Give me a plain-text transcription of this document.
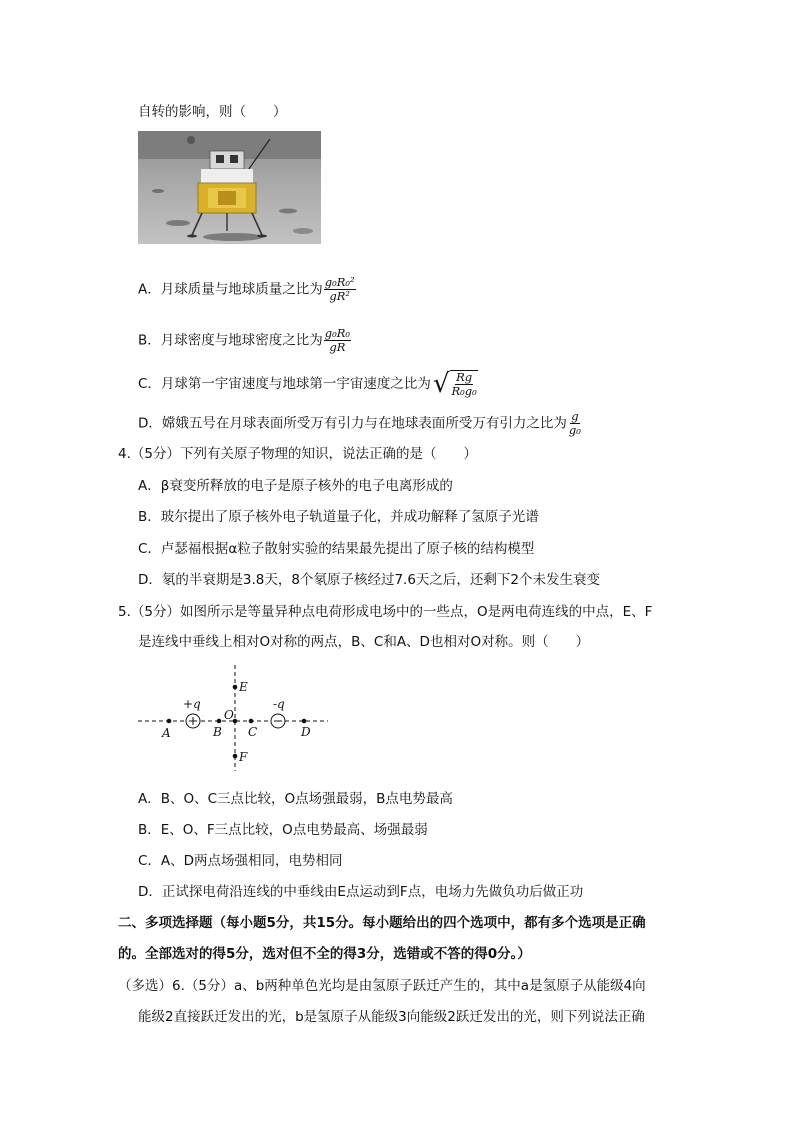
自转的影响，则（　　）
A．月球质量与地球质量之比为 $\frac{\text{g₀R₀²}}{\text{gR²}}$
B．月球密度与地球密度之比为 $\frac{\text{g₀R₀}}{gR}$
C．月球第一宇宙速度与地球第一宇宙速度之比为 √ $\frac{Rg}{\text{R₀g₀}}$
D．嫦娥五号在月球表面所受万有引力与在地球表面所受万有引力之比为 $\frac{g}{\text{g₀}}$
4.（5分）下列有关原子物理的知识，说法正确的是（　　）
A．β衰变所释放的电子是原子核外的电子电离形成的
B．玻尔提出了原子核外电子轨道量子化，并成功解释了氢原子光谱
C．卢瑟福根据α粒子散射实验的结果最先提出了原子核的结构模型
D．氡的半衰期是3.8天，8个氡原子核经过7.6天之后，还剩下2个未发生衰变
5.（5分）如图所示是等量异种点电荷形成电场中的一些点，O是两电荷连线的中点，E、F
是连线中垂线上相对O对称的两点，B、C和A、D也相对O对称。则（　　）
+q	-q
A	B
O
C	D
E
F
A．B、O、C三点比较，O点场强最弱，B点电势最高
B．E、O、F三点比较，O点电势最高、场强最弱
C．A、D两点场强相同，电势相同
D．正试探电荷沿连线的中垂线由E点运动到F点，电场力先做负功后做正功
二、多项选择题（每小题5分，共15分。每小题给出的四个选项中，都有多个选项是正确
的。全部选对的得5分，选对但不全的得3分，选错或不答的得0分。）
（多选）6.（5分）a、b两种单色光均是由氢原子跃迁产生的，其中a是氢原子从能级4向
能级2直接跃迁发出的光，b是氢原子从能级3向能级2跃迁发出的光，则下列说法正确
